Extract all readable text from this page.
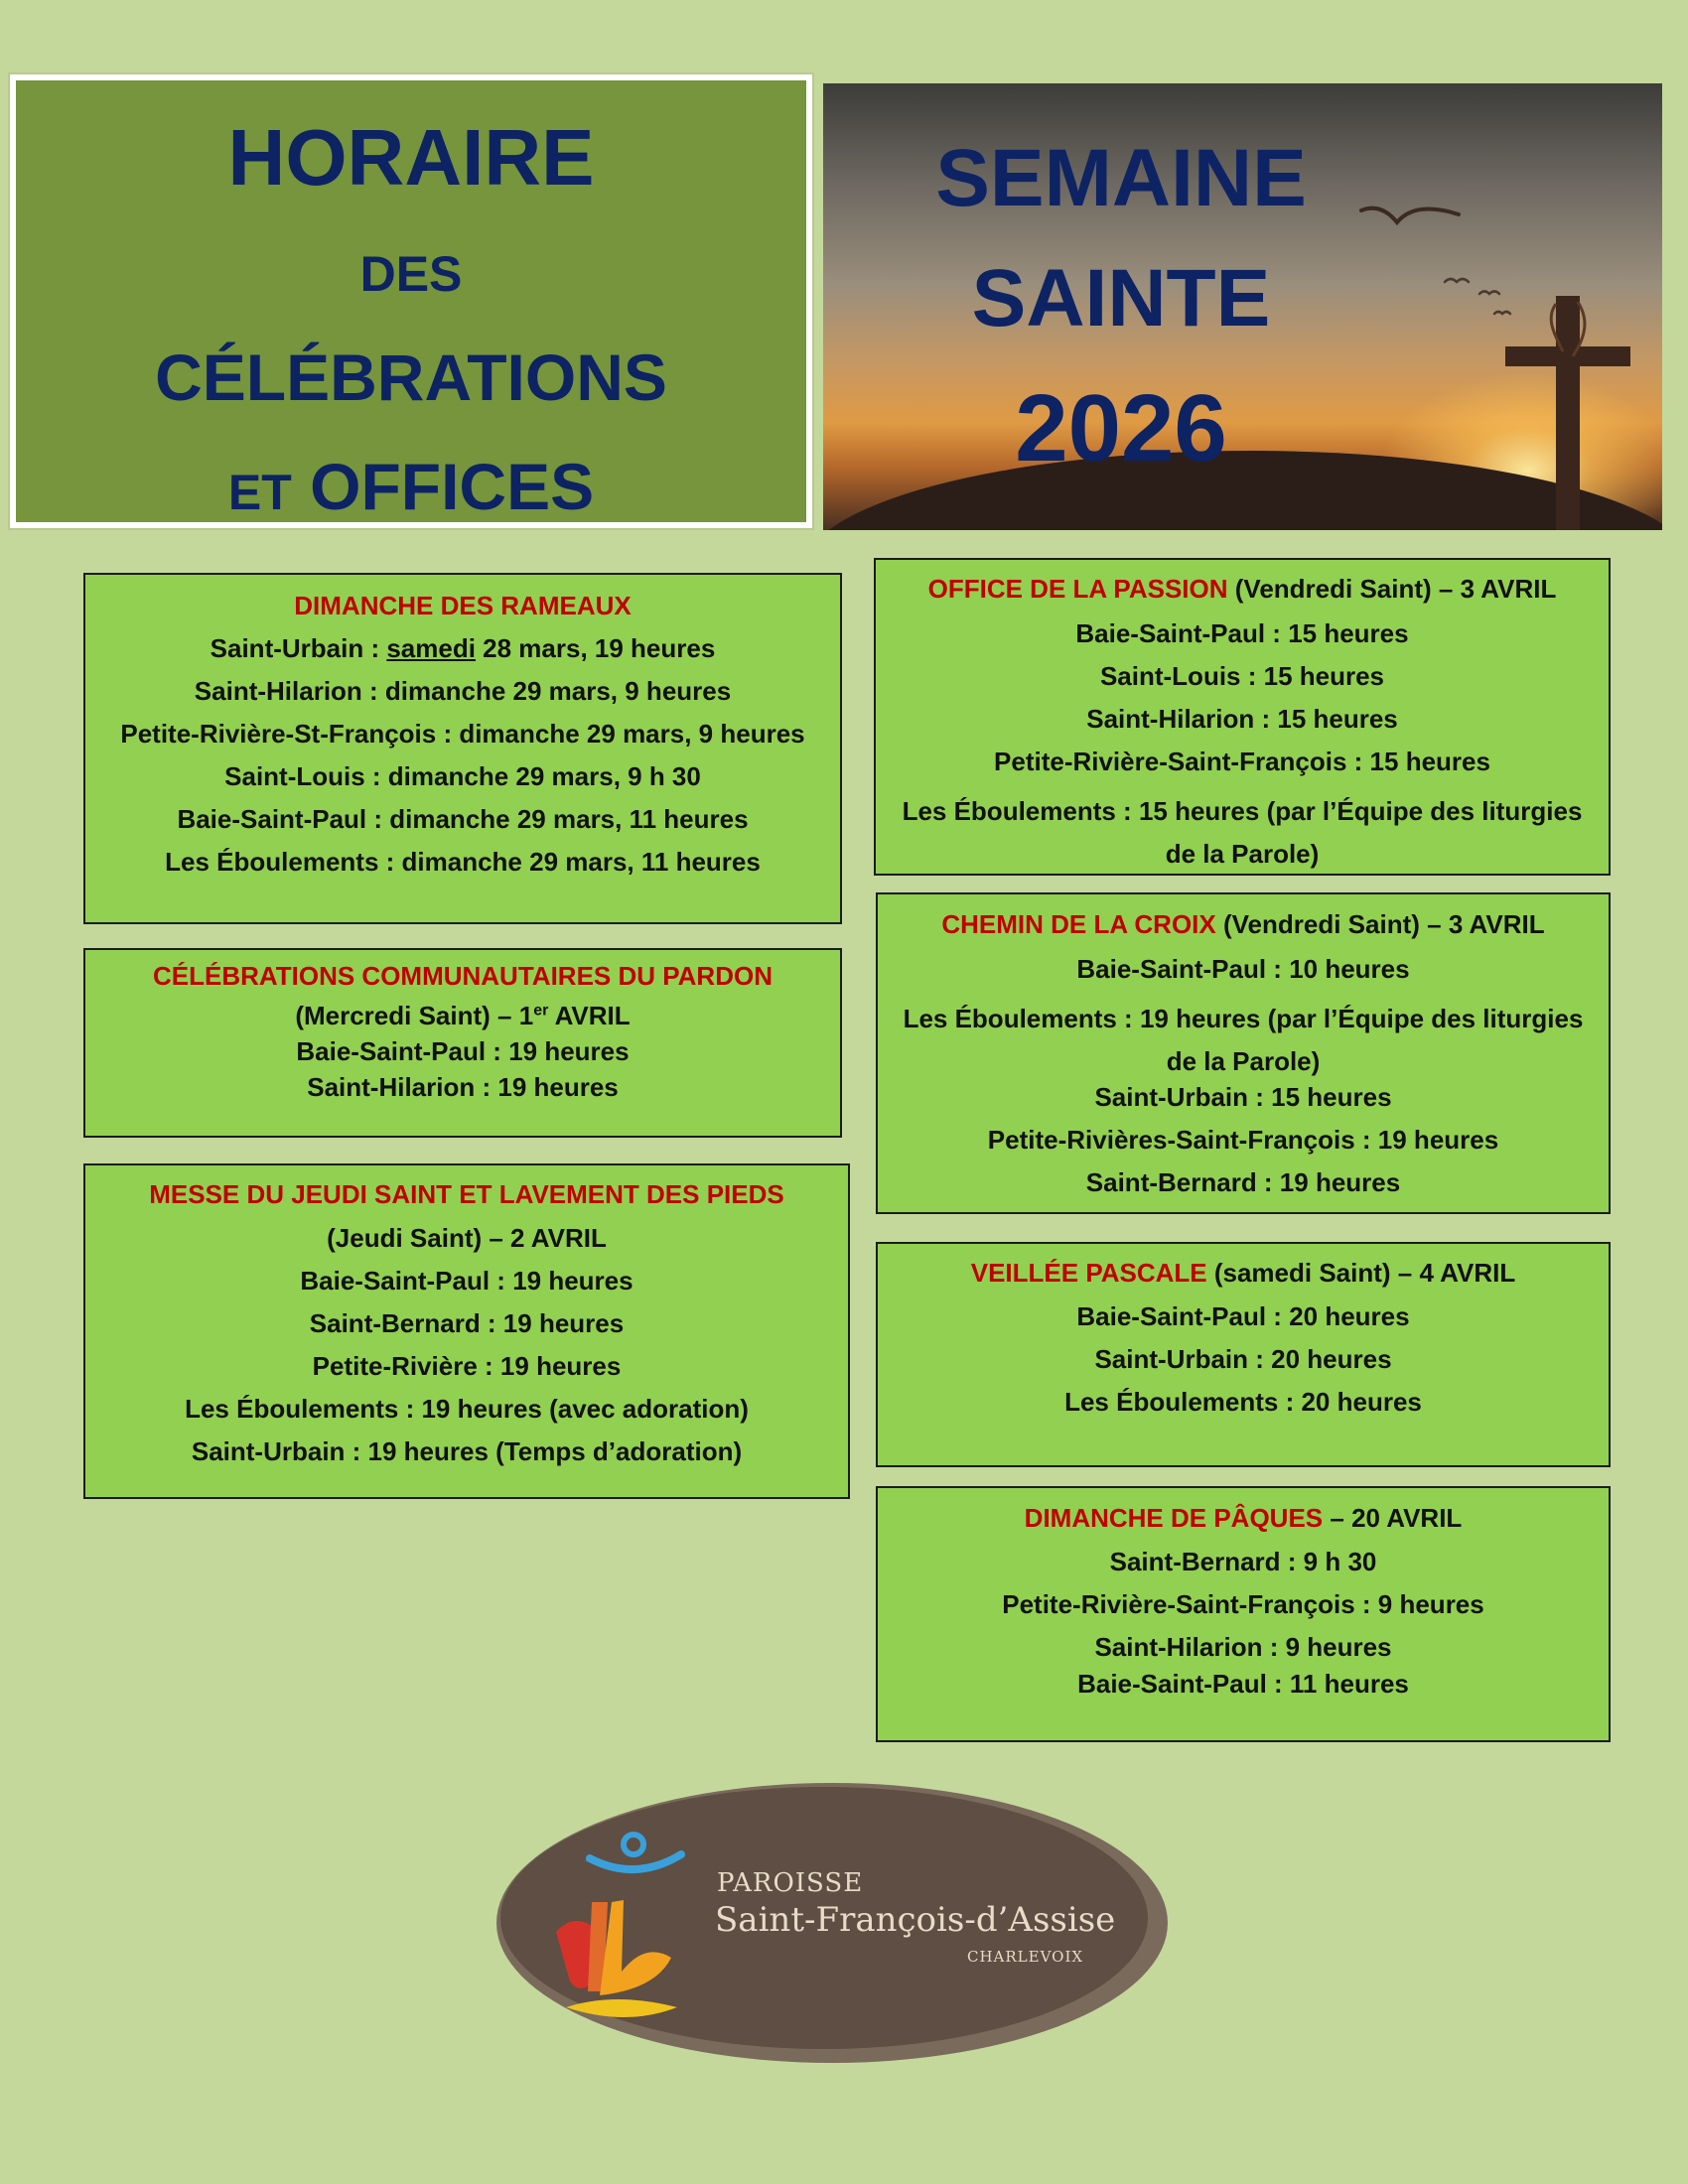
HORAIRE
DES
CÉLÉBRATIONS
ET OFFICES
SEMAINE
SAINTE
2026
DIMANCHE DES RAMEAUX
Saint-Urbain : samedi 28 mars, 19 heures
Saint-Hilarion : dimanche 29 mars, 9 heures
Petite-Rivière-St-François : dimanche 29 mars, 9 heures
Saint-Louis : dimanche 29 mars, 9 h 30
Baie-Saint-Paul : dimanche 29 mars, 11 heures
Les Éboulements : dimanche 29 mars, 11 heures
CÉLÉBRATIONS COMMUNAUTAIRES DU PARDON
(Mercredi Saint) – 1er AVRIL
Baie-Saint-Paul : 19 heures
Saint-Hilarion : 19 heures
MESSE DU JEUDI SAINT ET LAVEMENT DES PIEDS
(Jeudi Saint) – 2 AVRIL
Baie-Saint-Paul : 19 heures
Saint-Bernard : 19 heures
Petite-Rivière : 19 heures
Les Éboulements : 19 heures (avec adoration)
Saint-Urbain : 19 heures (Temps d’adoration)
OFFICE DE LA PASSION (Vendredi Saint) – 3 AVRIL
Baie-Saint-Paul : 15 heures
Saint-Louis : 15 heures
Saint-Hilarion : 15 heures
Petite-Rivière-Saint-François : 15 heures
Les Éboulements : 15 heures (par l’Équipe des liturgies de la Parole)
CHEMIN DE LA CROIX (Vendredi Saint) – 3 AVRIL
Baie-Saint-Paul : 10 heures
Les Éboulements : 19 heures (par l’Équipe des liturgies de la Parole)
Saint-Urbain : 15 heures
Petite-Rivières-Saint-François : 19 heures
Saint-Bernard : 19 heures
VEILLÉE PASCALE (samedi Saint) – 4 AVRIL
Baie-Saint-Paul : 20 heures
Saint-Urbain : 20 heures
Les Éboulements : 20 heures
DIMANCHE DE PÂQUES – 20 AVRIL
Saint-Bernard : 9 h 30
Petite-Rivière-Saint-François : 9 heures
Saint-Hilarion : 9 heures
Baie-Saint-Paul : 11 heures
PAROISSE
Saint-François-d’Assise
CHARLEVOIX
